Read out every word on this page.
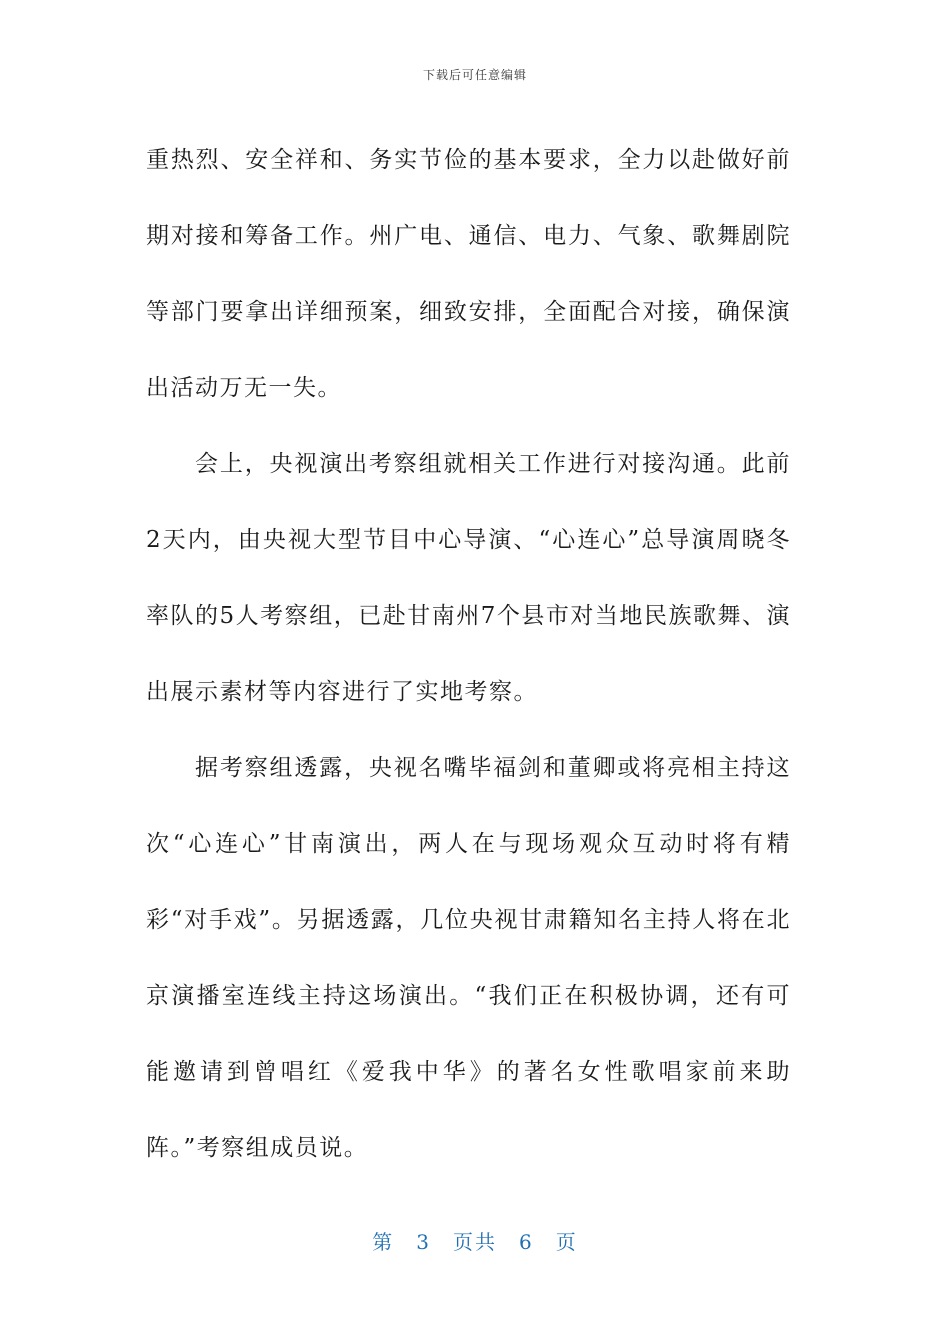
下载后可任意编辑

重热烈、安全祥和、务实节俭的基本要求，全力以赴做好前期对接和筹备工作。州广电、通信、电力、气象、歌舞剧院等部门要拿出详细预案，细致安排，全面配合对接，确保演出活动万无一失。

会上，央视演出考察组就相关工作进行对接沟通。此前2天内，由央视大型节目中心导演、“心连心”总导演周晓冬率队的5人考察组，已赴甘南州7个县市对当地民族歌舞、演出展示素材等内容进行了实地考察。

据考察组透露，央视名嘴毕福剑和董卿或将亮相主持这次“心连心”甘南演出，两人在与现场观众互动时将有精彩“对手戏”。另据透露，几位央视甘肃籍知名主持人将在北京演播室连线主持这场演出。“我们正在积极协调，还有可能邀请到曾唱红《爱我中华》的著名女性歌唱家前来助阵。”考察组成员说。

第 3 页共 6 页
